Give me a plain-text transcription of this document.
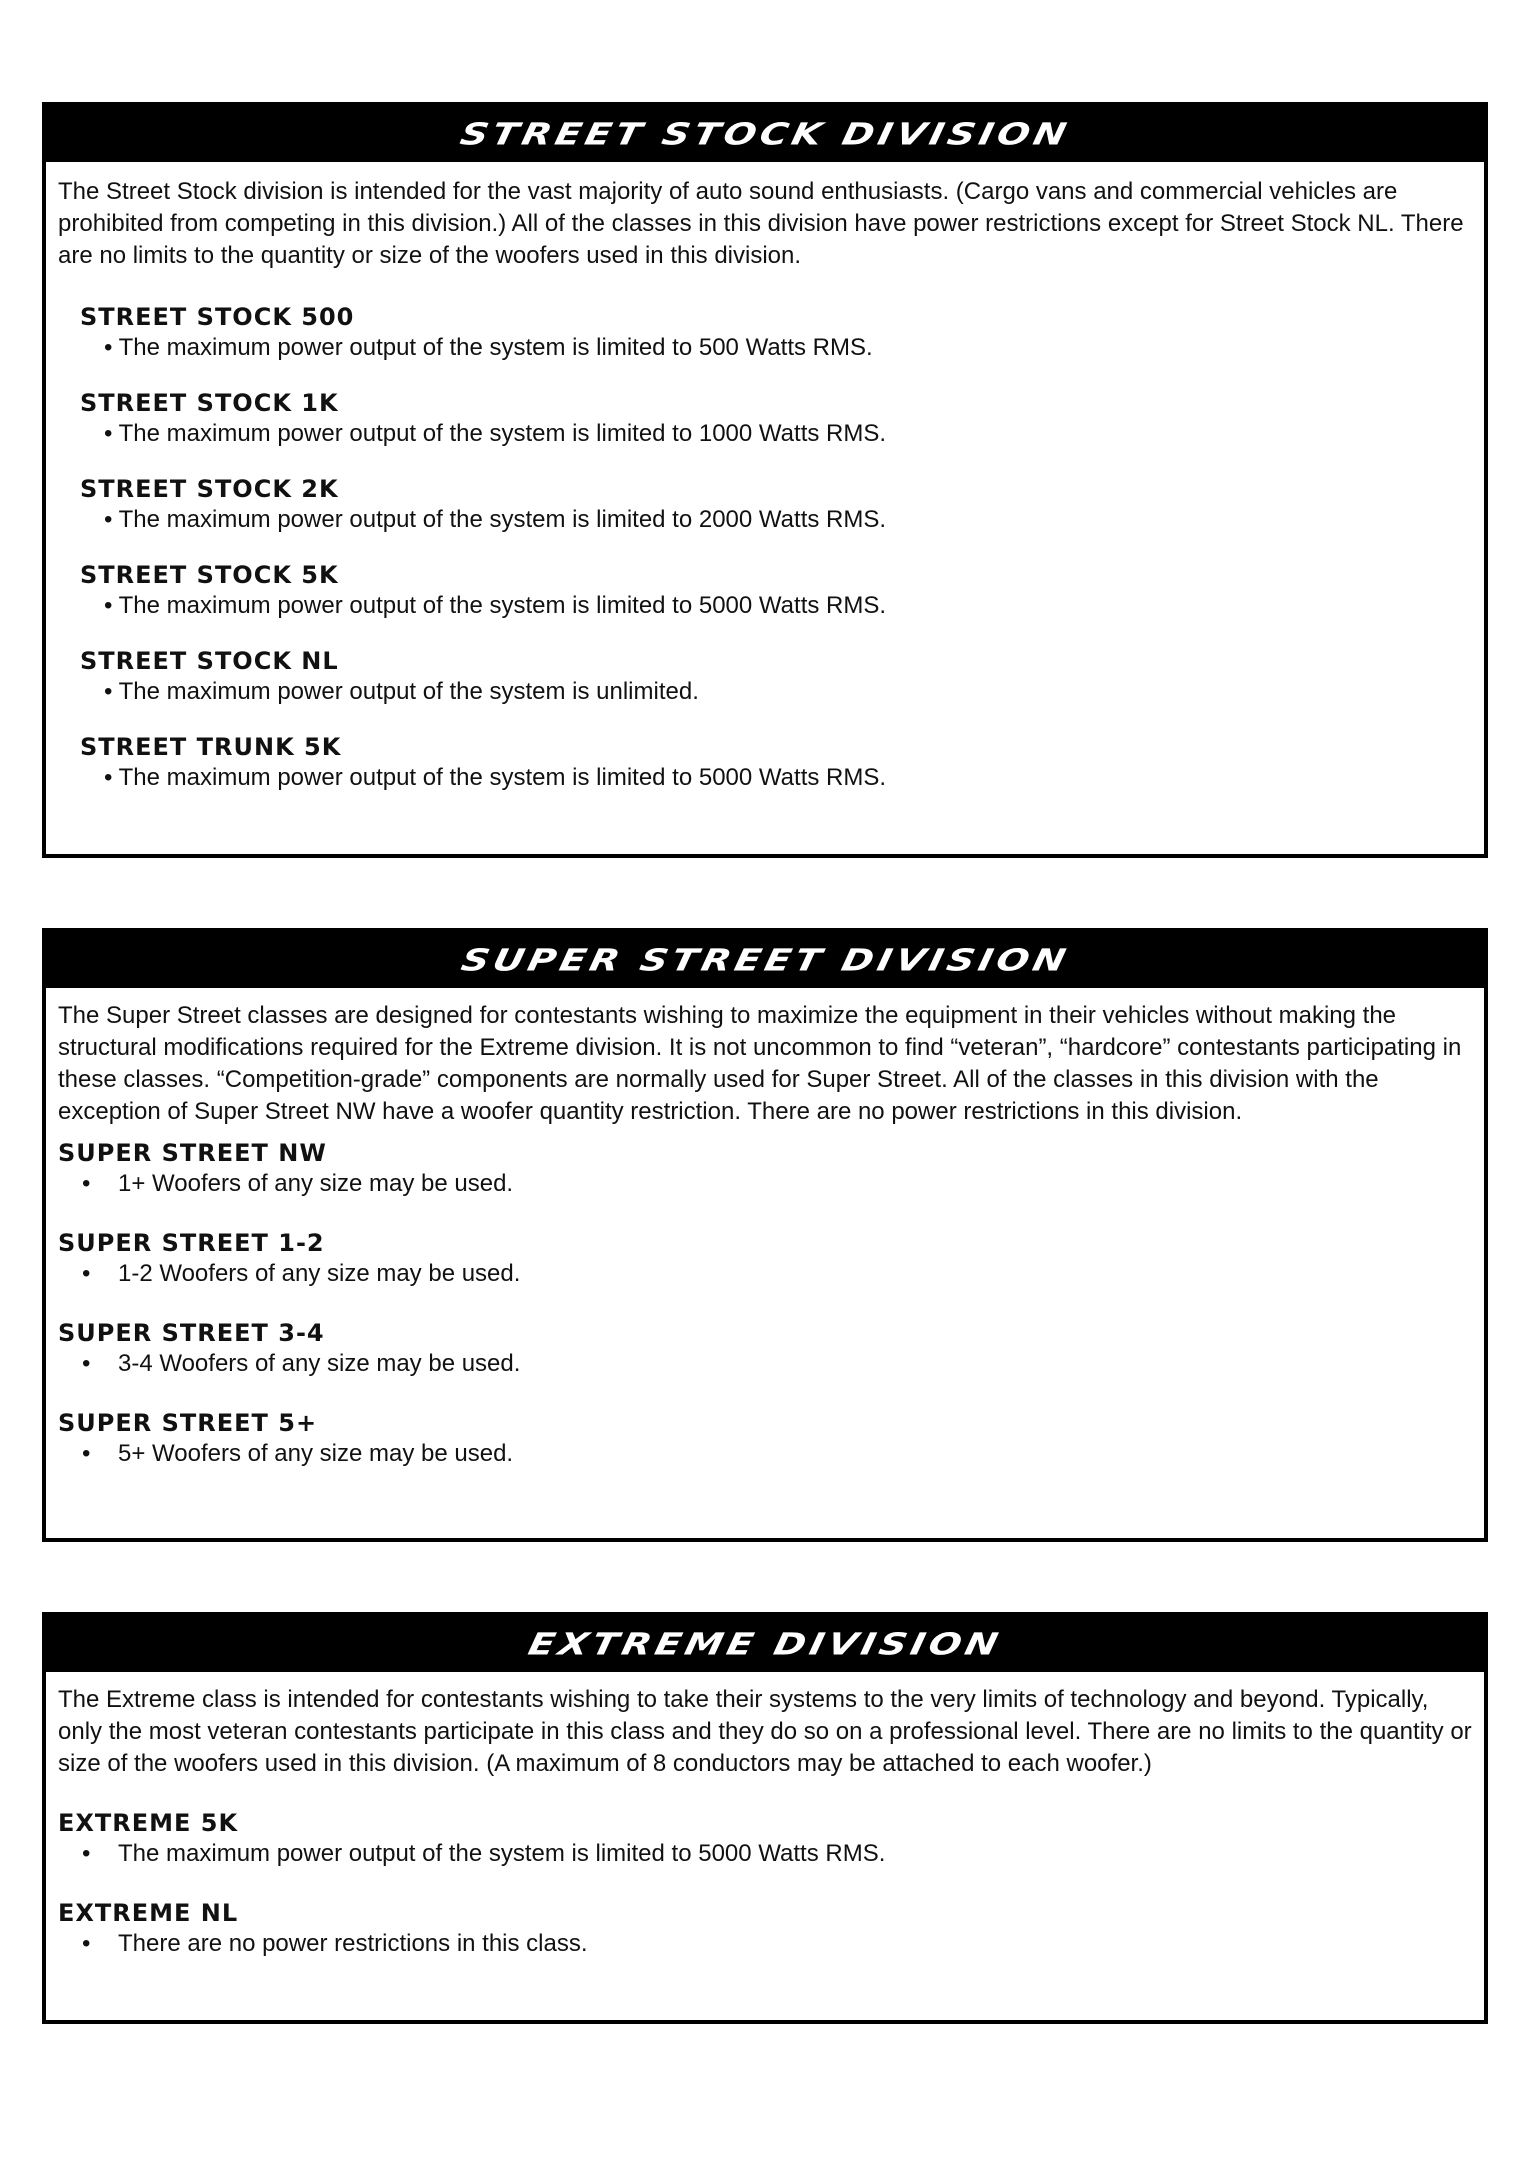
STREET STOCK DIVISION

The Street Stock division is intended for the vast majority of auto sound enthusiasts. (Cargo vans and commercial vehicles are prohibited from competing in this division.) All of the classes in this division have power restrictions except for Street Stock NL. There are no limits to the quantity or size of the woofers used in this division.

STREET STOCK 500
• The maximum power output of the system is limited to 500 Watts RMS.
STREET STOCK 1K
• The maximum power output of the system is limited to 1000 Watts RMS.
STREET STOCK 2K
• The maximum power output of the system is limited to 2000 Watts RMS.
STREET STOCK 5K
• The maximum power output of the system is limited to 5000 Watts RMS.
STREET STOCK NL
• The maximum power output of the system is unlimited.
STREET TRUNK 5K
• The maximum power output of the system is limited to 5000 Watts RMS.
SUPER STREET DIVISION

The Super Street classes are designed for contestants wishing to maximize the equipment in their vehicles without making the structural modifications required for the Extreme division. It is not uncommon to find “veteran”, “hardcore” contestants participating in these classes. “Competition-grade” components are normally used for Super Street. All of the classes in this division with the exception of Super Street NW have a woofer quantity restriction. There are no power restrictions in this division.

SUPER STREET NW
• 1+ Woofers of any size may be used.
SUPER STREET 1-2
• 1-2 Woofers of any size may be used.
SUPER STREET 3-4
• 3-4 Woofers of any size may be used.
SUPER STREET 5+
• 5+ Woofers of any size may be used.
EXTREME DIVISION

The Extreme class is intended for contestants wishing to take their systems to the very limits of technology and beyond. Typically, only the most veteran contestants participate in this class and they do so on a professional level. There are no limits to the quantity or size of the woofers used in this division. (A maximum of 8 conductors may be attached to each woofer.)

EXTREME 5K
• The maximum power output of the system is limited to 5000 Watts RMS.
EXTREME NL
• There are no power restrictions in this class.
